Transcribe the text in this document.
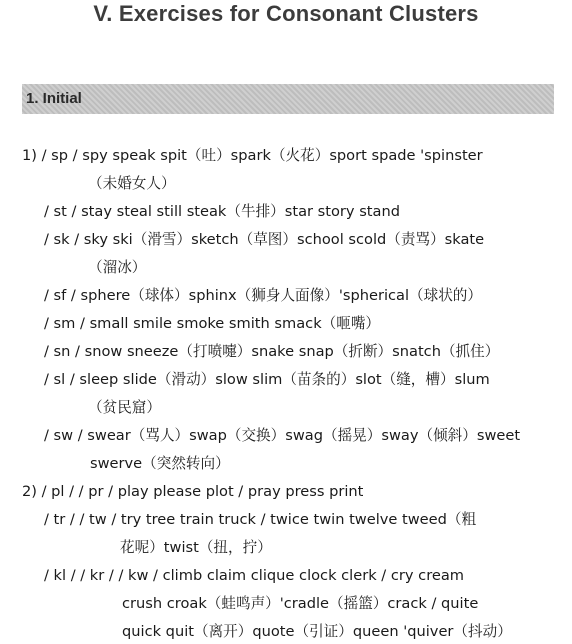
V. Exercises for Consonant Clusters
1. Initial
1) / sp / spy speak spit（吐）spark（火花）sport spade 'spinster
（未婚女人）
/ st / stay steal still steak（牛排）star story stand
/ sk / sky ski（滑雪）sketch（草图）school scold（责骂）skate
（溜冰）
/ sf / sphere（球体）sphinx（狮身人面像）'spherical（球状的）
/ sm / small smile smoke smith smack（咂嘴）
/ sn / snow sneeze（打喷嚏）snake snap（折断）snatch（抓住）
/ sl / sleep slide（滑动）slow slim（苗条的）slot（缝，槽）slum
（贫民窟）
/ sw / swear（骂人）swap（交换）swag（摇晃）sway（倾斜）sweet
swerve（突然转向）
2) / pl / / pr / play please plot / pray press print
/ tr / / tw / try tree train truck / twice twin twelve tweed（粗
花呢）twist（扭，拧）
/ kl / / kr / / kw / climb claim clique clock clerk / cry cream
crush croak（蛙鸣声）'cradle（摇篮）crack / quite
quick quit（离开）quote（引证）queen 'quiver（抖动）
